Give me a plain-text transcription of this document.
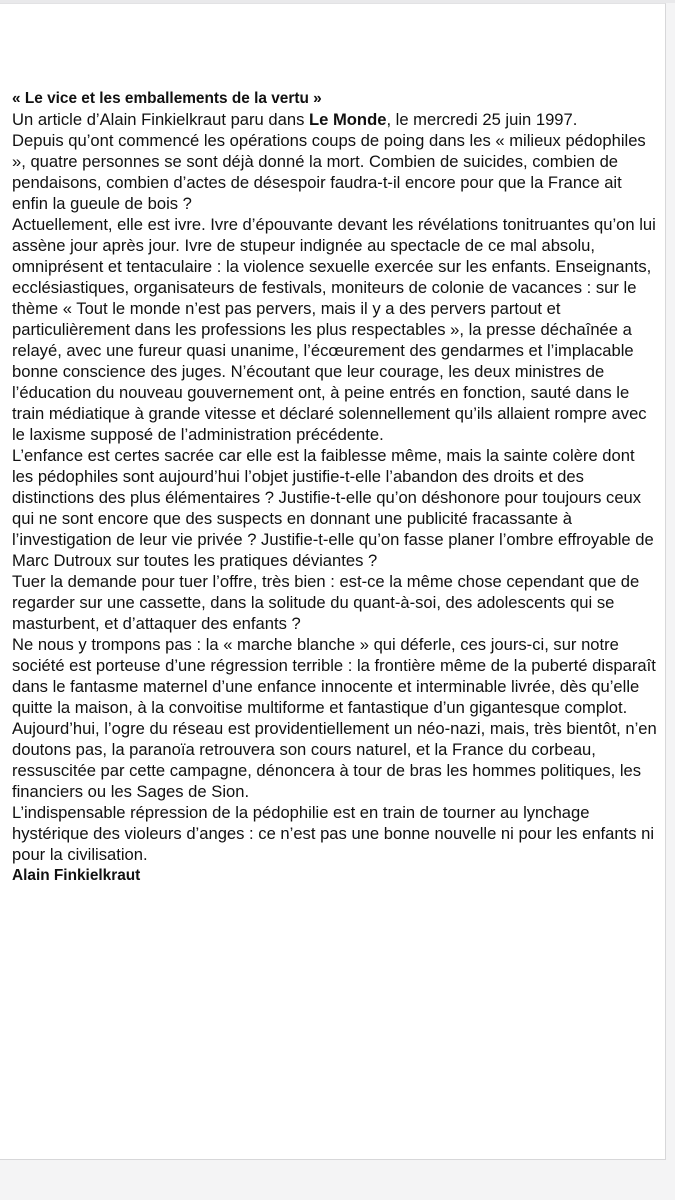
« Le vice et les emballements de la vertu »

Un article d’Alain Finkielkraut paru dans Le Monde, le mercredi 25 juin 1997.

Depuis qu’ont commencé les opérations coups de poing dans les « milieux pédophiles », quatre personnes se sont déjà donné la mort. Combien de suicides, combien de pendaisons, combien d’actes de désespoir faudra-t-il encore pour que la France ait enfin la gueule de bois ?

Actuellement, elle est ivre. Ivre d’épouvante devant les révélations tonitruantes qu’on lui assène jour après jour. Ivre de stupeur indignée au spectacle de ce mal absolu, omniprésent et tentaculaire : la violence sexuelle exercée sur les enfants. Enseignants, ecclésiastiques, organisateurs de festivals, moniteurs de colonie de vacances : sur le thème « Tout le monde n’est pas pervers, mais il y a des pervers partout et particulièrement dans les professions les plus respectables », la presse déchaînée a relayé, avec une fureur quasi unanime, l’écœurement des gendarmes et l’implacable bonne conscience des juges. N’écoutant que leur courage, les deux ministres de l’éducation du nouveau gouvernement ont, à peine entrés en fonction, sauté dans le train médiatique à grande vitesse et déclaré solennellement qu’ils allaient rompre avec le laxisme supposé de l’administration précédente.

L’enfance est certes sacrée car elle est la faiblesse même, mais la sainte colère dont les pédophiles sont aujourd’hui l’objet justifie-t-elle l’abandon des droits et des distinctions des plus élémentaires ? Justifie-t-elle qu’on déshonore pour toujours ceux qui ne sont encore que des suspects en donnant une publicité fracassante à l’investigation de leur vie privée ? Justifie-t-elle qu’on fasse planer l’ombre effroyable de Marc Dutroux sur toutes les pratiques déviantes ?

Tuer la demande pour tuer l’offre, très bien : est-ce la même chose cependant que de regarder sur une cassette, dans la solitude du quant-à-soi, des adolescents qui se masturbent, et d’attaquer des enfants ?

Ne nous y trompons pas : la « marche blanche » qui déferle, ces jours-ci, sur notre société est porteuse d’une régression terrible : la frontière même de la puberté disparaît dans le fantasme maternel d’une enfance innocente et interminable livrée, dès qu’elle quitte la maison, à la convoitise multiforme et fantastique d’un gigantesque complot.

Aujourd’hui, l’ogre du réseau est providentiellement un néo-nazi, mais, très bientôt, n’en doutons pas, la paranoïa retrouvera son cours naturel, et la France du corbeau, ressuscitée par cette campagne, dénoncera à tour de bras les hommes politiques, les financiers ou les Sages de Sion.

L’indispensable répression de la pédophilie est en train de tourner au lynchage hystérique des violeurs d’anges : ce n’est pas une bonne nouvelle ni pour les enfants ni pour la civilisation.

Alain Finkielkraut
